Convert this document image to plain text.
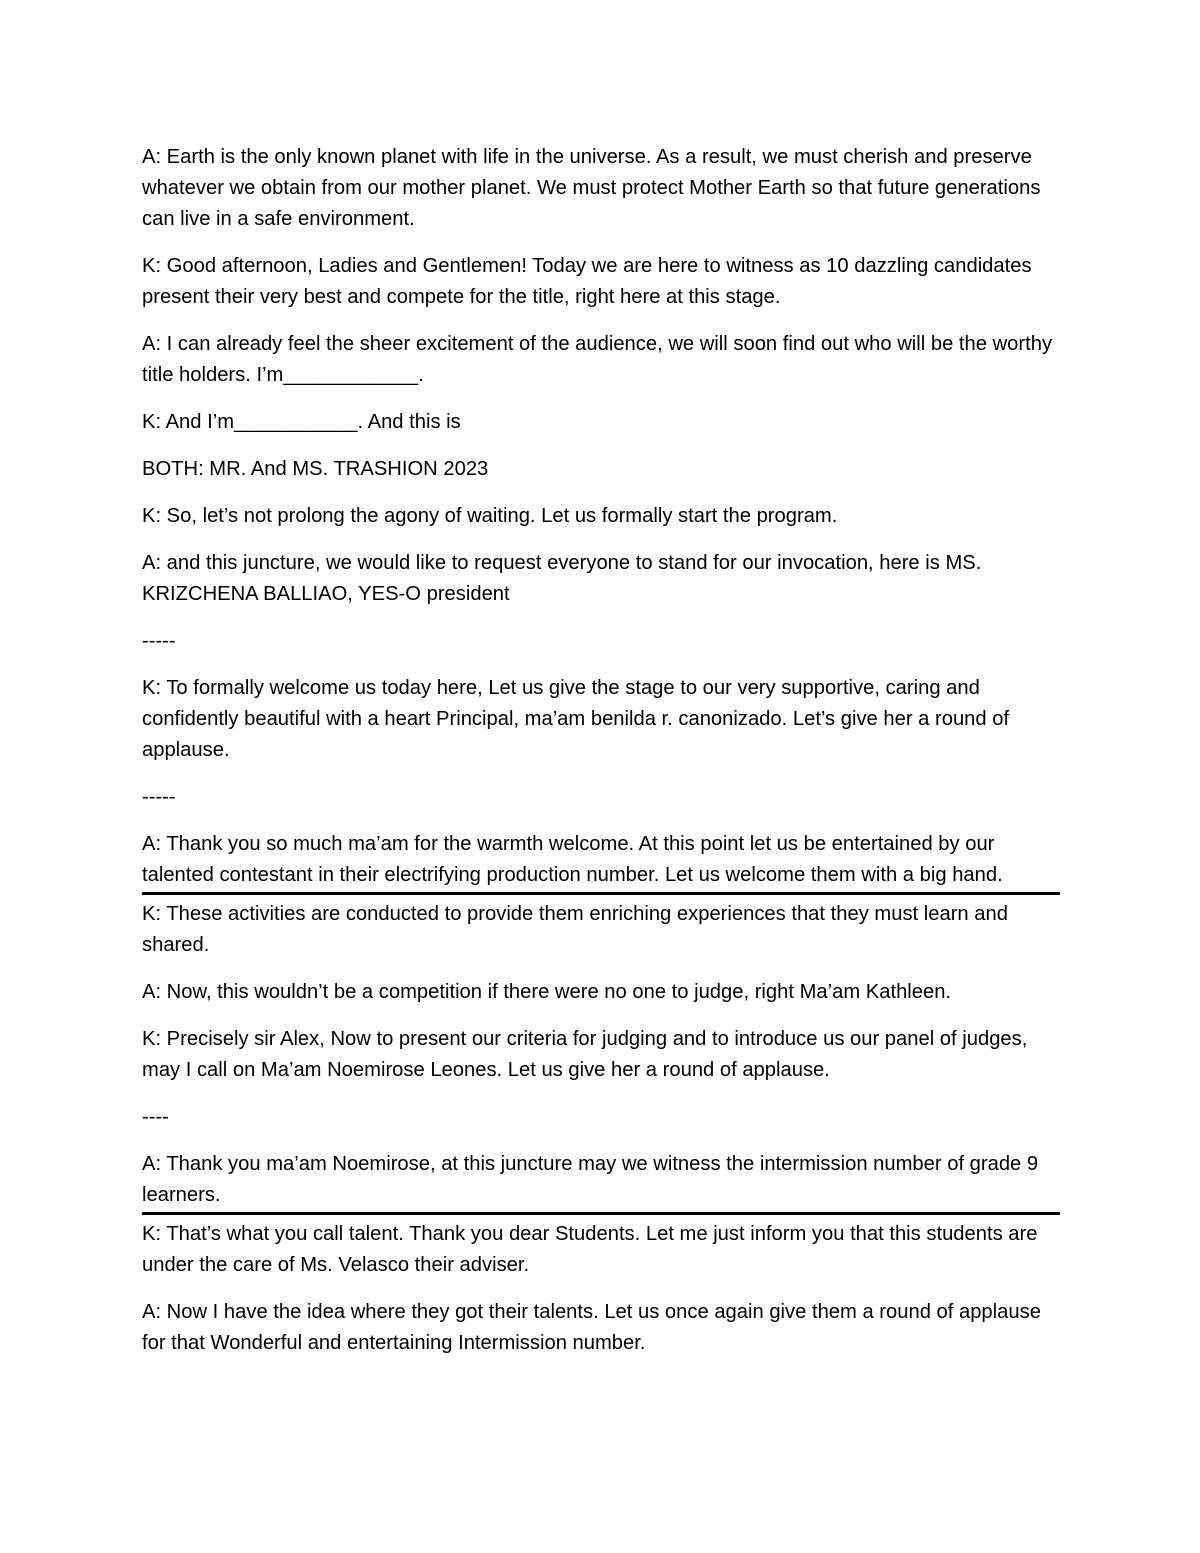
A: Earth is the only known planet with life in the universe. As a result, we must cherish and preserve whatever we obtain from our mother planet. We must protect Mother Earth so that future generations can live in a safe environment.

K: Good afternoon, Ladies and Gentlemen! Today we are here to witness as 10 dazzling candidates present their very best and compete for the title, right here at this stage.

A: I can already feel the sheer excitement of the audience, we will soon find out who will be the worthy title holders. I’m____________.

K: And I’m___________. And this is

BOTH: MR. And MS. TRASHION 2023

K: So, let’s not prolong the agony of waiting. Let us formally start the program.

A: and this juncture, we would like to request everyone to stand for our invocation, here is MS. KRIZCHENA BALLIAO, YES-O president

-----

K: To formally welcome us today here, Let us give the stage to our very supportive, caring and confidently beautiful with a heart Principal, ma’am benilda r. canonizado. Let’s give her a round of applause.

-----

A: Thank you so much ma’am for the warmth welcome. At this point let us be entertained by our talented contestant in their electrifying production number. Let us welcome them with a big hand.

K: These activities are conducted to provide them enriching experiences that they must learn and shared.

A: Now, this wouldn’t be a competition if there were no one to judge, right Ma’am Kathleen.

K: Precisely sir Alex, Now to present our criteria for judging and to introduce us our panel of judges, may I call on Ma’am Noemirose Leones. Let us give her a round of applause.

----

A: Thank you ma’am Noemirose, at this juncture may we witness the intermission number of grade 9 learners.

K: That’s what you call talent. Thank you dear Students. Let me just inform you that this students are under the care of Ms. Velasco their adviser.

A: Now I have the idea where they got their talents. Let us once again give them a round of applause for that Wonderful and entertaining Intermission number.
